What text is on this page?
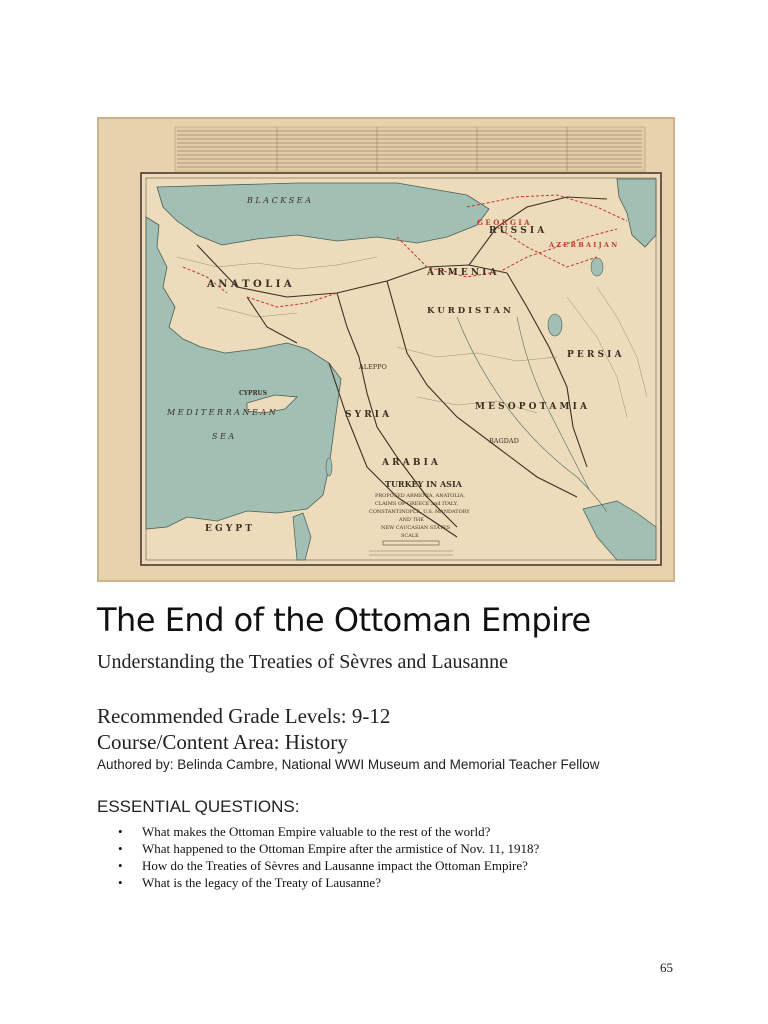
B L A C K S E A
A N A T O L I A
A R M E N I A
K U R D I S T A N
G E O R G I A
R U S S I A
A Z E R B A I J A N
P E R S I A
M E D I T E R R A N E A N
S E A
CYPRUS
S Y R I A
A R A B I A
M E S O P O T A M I A
E G Y P T
ALEPPO
BAGDAD
TURKEY IN ASIA
PROPOSED ARMENIA, ANATOLIA,
CLAIMS OF GREECE and ITALY,
CONSTANTINOPLE, U.S. MANDATORY
AND THE
NEW CAUCASIAN STATES
SCALE
The End of the Ottoman Empire
Understanding the Treaties of Sèvres and Lausanne
Recommended Grade Levels: 9-12
Course/Content Area: History
Authored by: Belinda Cambre, National WWI Museum and Memorial Teacher Fellow
ESSENTIAL QUESTIONS:
• What makes the Ottoman Empire valuable to the rest of the world?
• What happened to the Ottoman Empire after the armistice of Nov. 11, 1918?
• How do the Treaties of Sèvres and Lausanne impact the Ottoman Empire?
• What is the legacy of the Treaty of Lausanne?
65
